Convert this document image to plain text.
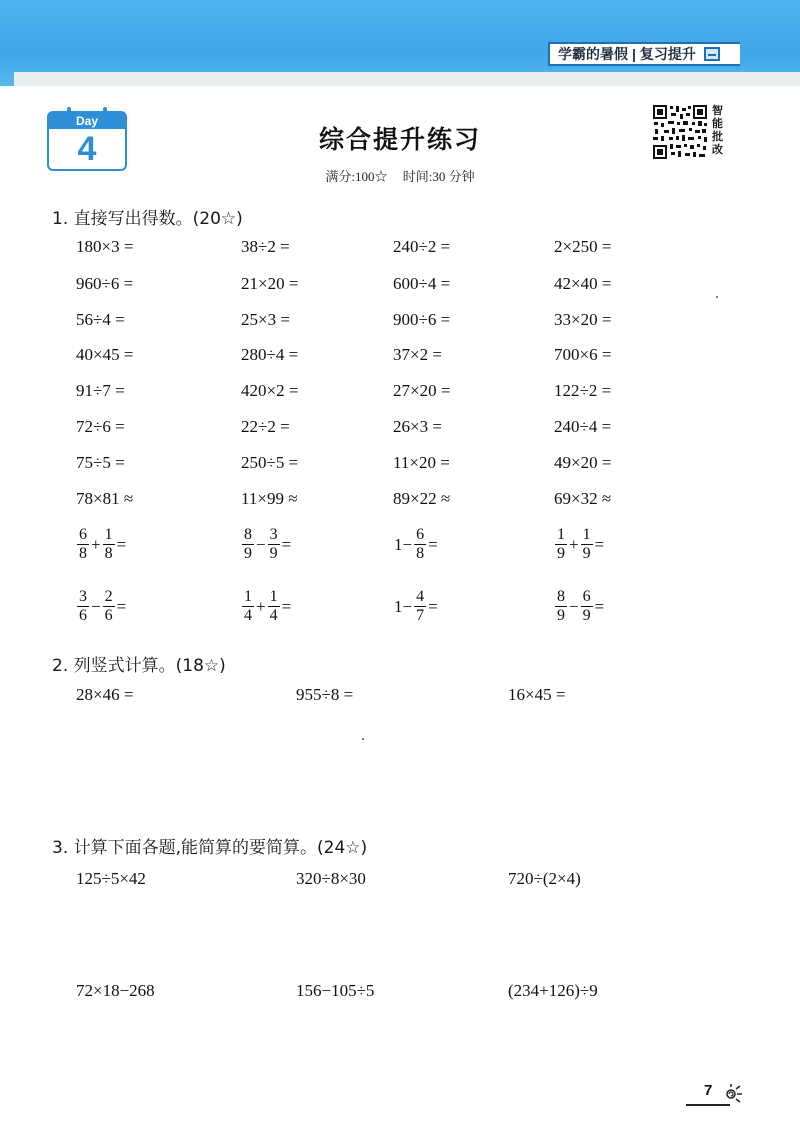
学霸的暑假 | 复习提升
Day
4	综合提升练习
满分:100☆ 时间:30 分钟
智能批改
1. 直接写出得数。(20☆)
180×3 =	38÷2 =	240÷2 =	2×250 =
960÷6 =	21×20 =	600÷4 =	42×40 =
56÷4 =	25×3 =	900÷6 =	33×20 =
40×45 =	280÷4 =	37×2 =	700×6 =
91÷7 =	420×2 =	27×20 =	122÷2 =
72÷6 =	22÷2 =	26×3 =	240÷4 =
75÷5 =	250÷5 =	11×20 =	49×20 =
78×81 ≈	11×99 ≈	89×22 ≈	69×32 ≈
$\frac{6}{8} + \frac{1}{8}$ =	$\frac{8}{9} - \frac{3}{9}$ =	$1- \frac{6}{8}$ =	$\frac{1}{9} + \frac{1}{9}$ =
$\frac{3}{6} - \frac{2}{6}$ =	$\frac{1}{4} + \frac{1}{4}$ =	$1- \frac{4}{7}$ =	$\frac{8}{9} - \frac{6}{9}$ =
2. 列竖式计算。(18☆)
28×46 =	955÷8 =	16×45 =
3. 计算下面各题,能简算的要简算。(24☆)
125÷5×42	320÷8×30	720÷(2×4)
72×18−268	156−105÷5	(234+126)÷9
7
